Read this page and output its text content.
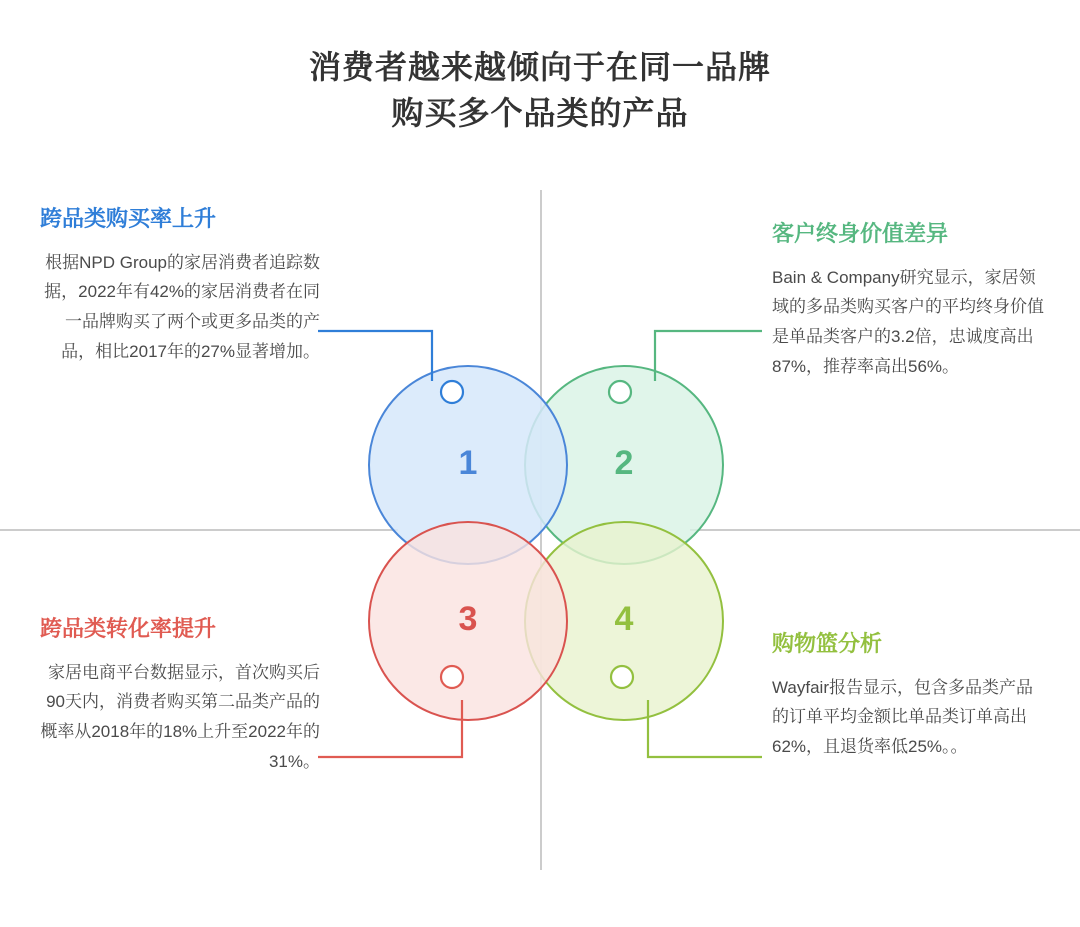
消费者越来越倾向于在同一品牌
购买多个品类的产品
1	2
3	4
跨品类购买率上升

根据NPD Group的家居消费者追踪数据，2022年有42%的家居消费者在同一品牌购买了两个或更多品类的产品，相比2017年的27%显著增加。

客户终身价值差异

Bain & Company研究显示，家居领域的多品类购买客户的平均终身价值是单品类客户的3.2倍，忠诚度高出87%，推荐率高出56%。

跨品类转化率提升

家居电商平台数据显示，首次购买后90天内，消费者购买第二品类产品的概率从2018年的18%上升至2022年的31%。

购物篮分析

Wayfair报告显示，包含多品类产品的订单平均金额比单品类订单高出62%，且退货率低25%。。
